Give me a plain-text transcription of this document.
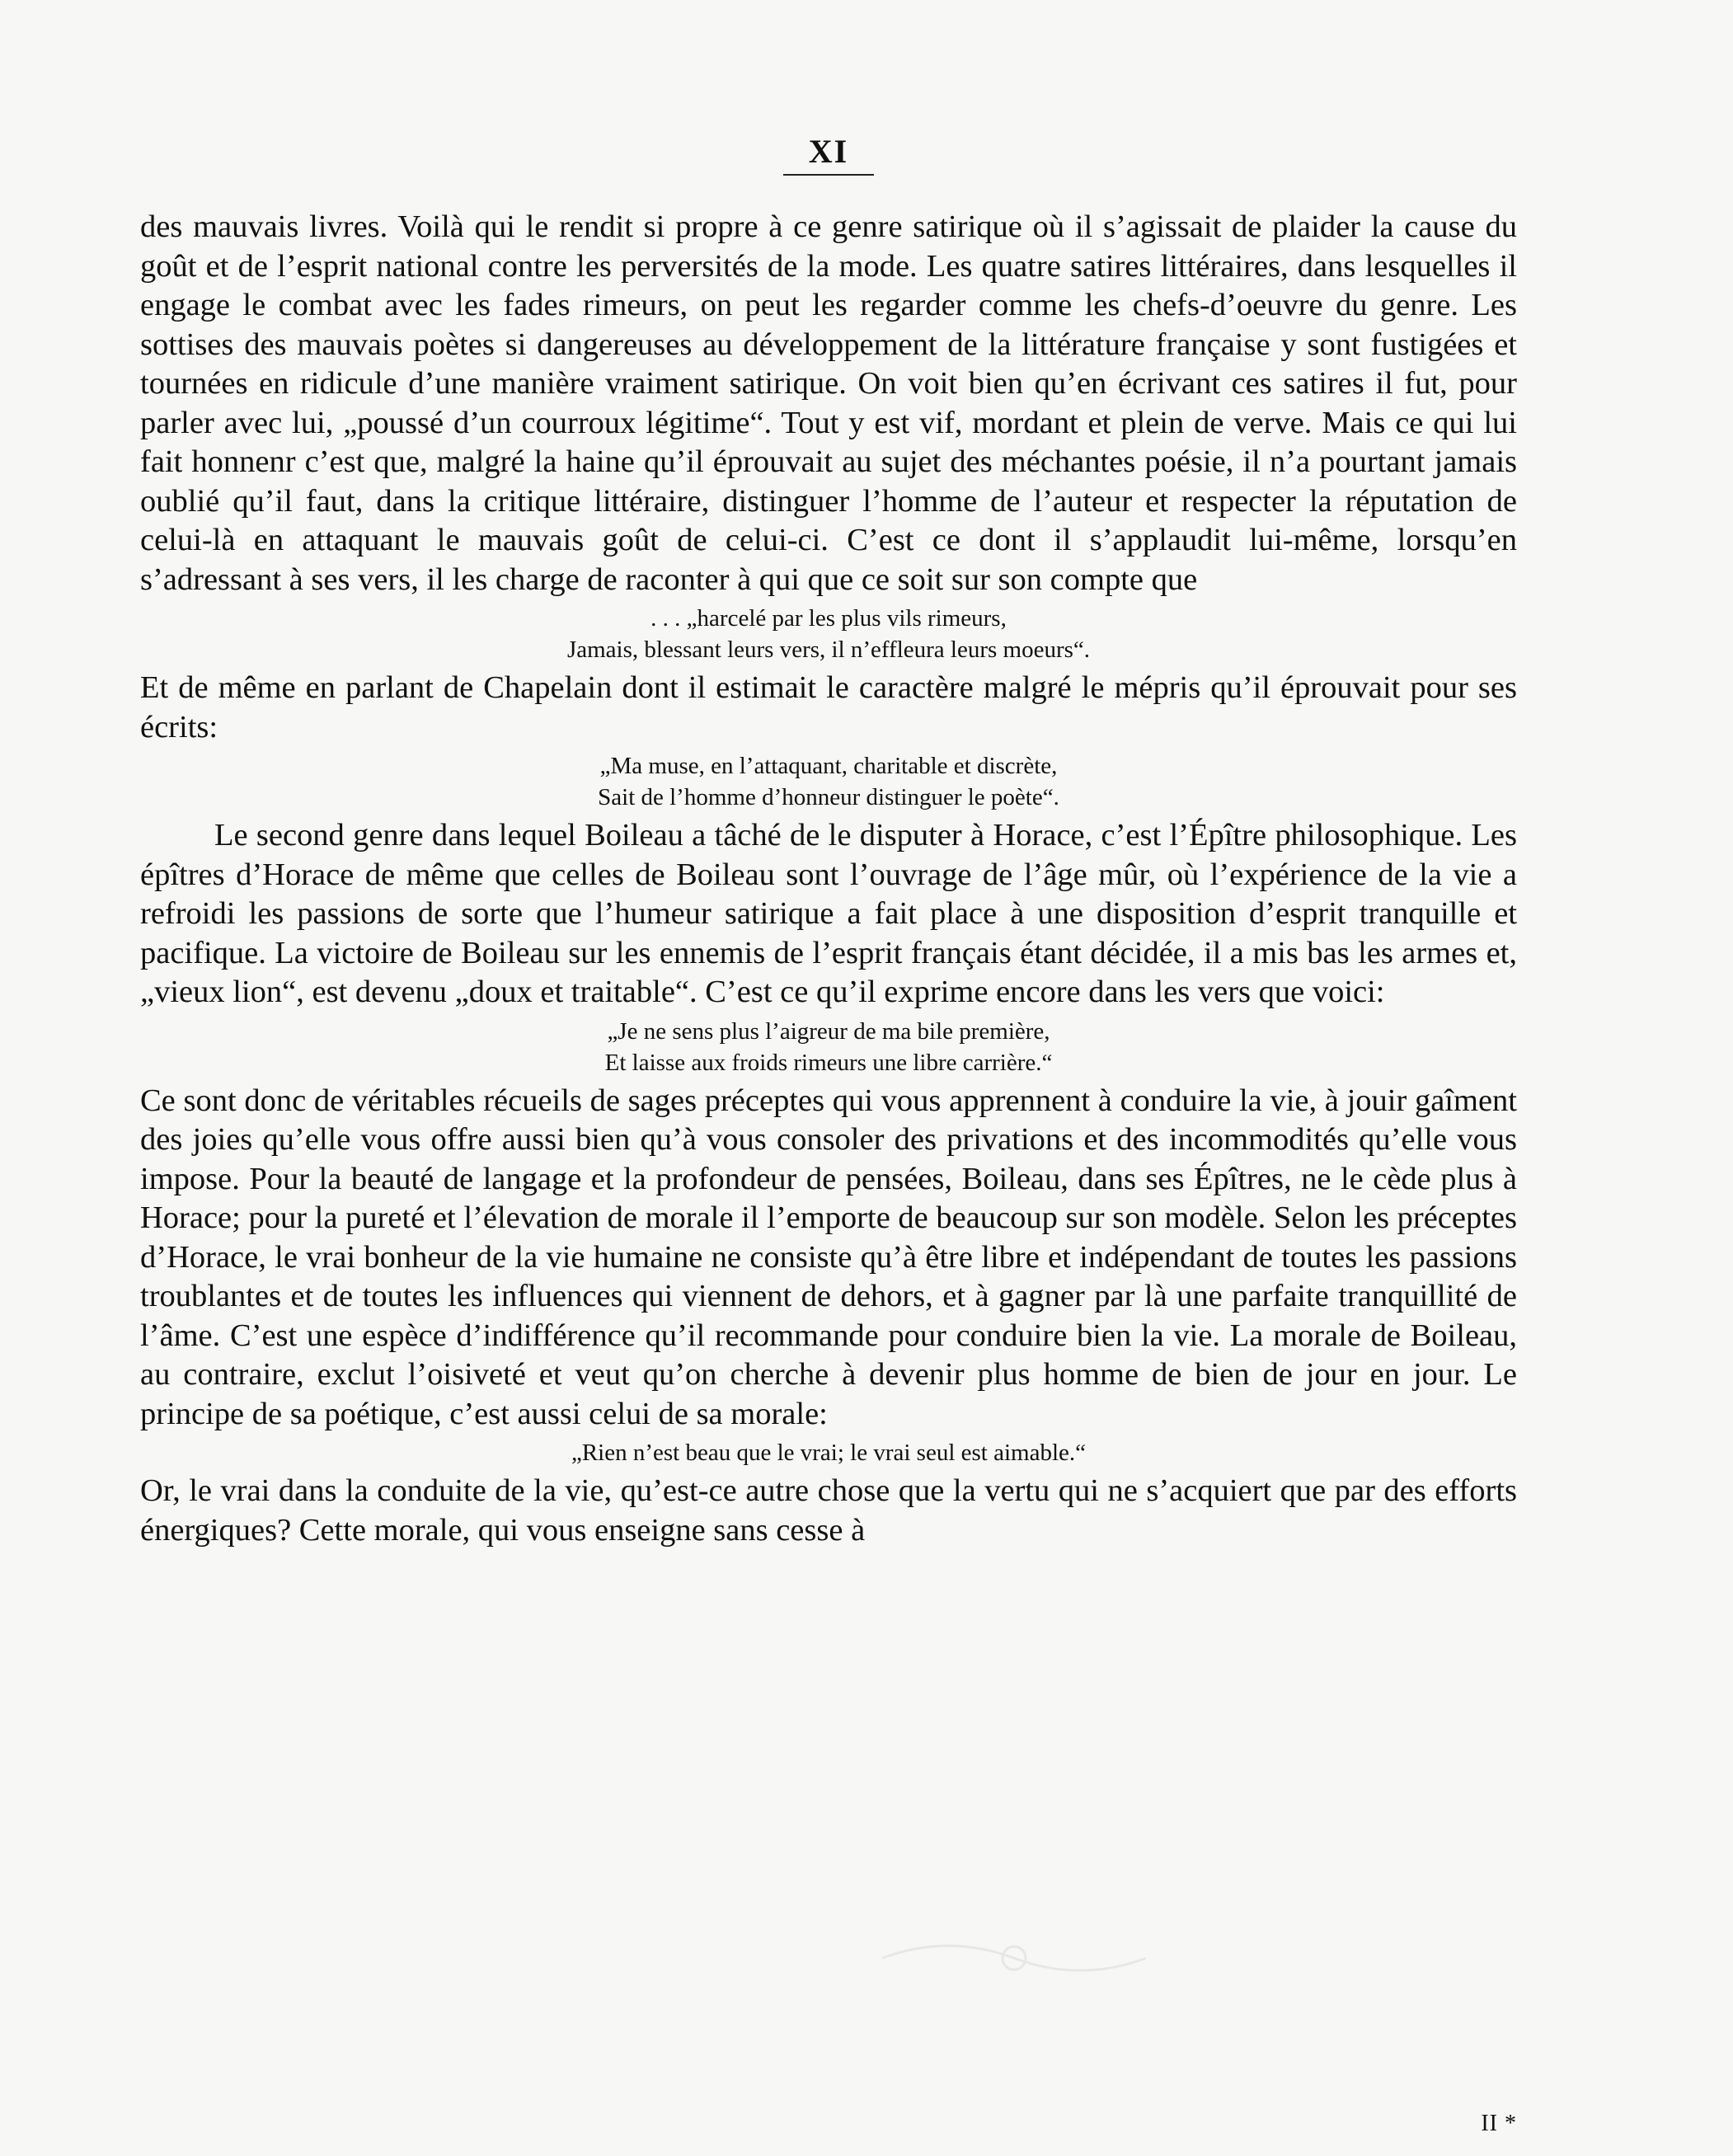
XI

des mauvais livres. Voilà qui le rendit si propre à ce genre satirique où il s’agissait de plaider la cause du goût et de l’esprit national contre les perversités de la mode. Les quatre satires littéraires, dans lesquelles il engage le combat avec les fades rimeurs, on peut les regarder comme les chefs-d’oeuvre du genre. Les sottises des mauvais poètes si dangereuses au développement de la littérature française y sont fustigées et tournées en ridicule d’une manière vraiment satirique. On voit bien qu’en écrivant ces satires il fut, pour parler avec lui, „poussé d’un courroux légitime“. Tout y est vif, mordant et plein de verve. Mais ce qui lui fait honnenr c’est que, malgré la haine qu’il éprouvait au sujet des méchantes poésie, il n’a pourtant jamais oublié qu’il faut, dans la critique littéraire, distinguer l’homme de l’auteur et respecter la réputation de celui-là en attaquant le mauvais goût de celui-ci. C’est ce dont il s’applaudit lui-même, lorsqu’en s’adressant à ses vers, il les charge de raconter à qui que ce soit sur son compte que

. . . „harcelé par les plus vils rimeurs,
Jamais, blessant leurs vers, il n’effleura leurs moeurs“.

Et de même en parlant de Chapelain dont il estimait le caractère malgré le mépris qu’il éprouvait pour ses écrits:

„Ma muse, en l’attaquant, charitable et discrète,
Sait de l’homme d’honneur distinguer le poète“.

Le second genre dans lequel Boileau a tâché de le disputer à Horace, c’est l’Épître philosophique. Les épîtres d’Horace de même que celles de Boileau sont l’ouvrage de l’âge mûr, où l’expérience de la vie a refroidi les passions de sorte que l’humeur satirique a fait place à une disposition d’esprit tranquille et pacifique. La victoire de Boileau sur les ennemis de l’esprit français étant décidée, il a mis bas les armes et, „vieux lion“, est devenu „doux et traitable“. C’est ce qu’il exprime encore dans les vers que voici:

„Je ne sens plus l’aigreur de ma bile première,
Et laisse aux froids rimeurs une libre carrière.“

Ce sont donc de véritables récueils de sages préceptes qui vous apprennent à conduire la vie, à jouir gaîment des joies qu’elle vous offre aussi bien qu’à vous consoler des privations et des incommodités qu’elle vous impose. Pour la beauté de langage et la profondeur de pensées, Boileau, dans ses Épîtres, ne le cède plus à Horace; pour la pureté et l’élevation de morale il l’emporte de beaucoup sur son modèle. Selon les préceptes d’Horace, le vrai bonheur de la vie humaine ne consiste qu’à être libre et indépendant de toutes les passions troublantes et de toutes les influences qui viennent de dehors, et à gagner par là une parfaite tranquillité de l’âme. C’est une espèce d’indifférence qu’il recommande pour conduire bien la vie. La morale de Boileau, au contraire, exclut l’oisiveté et veut qu’on cherche à devenir plus homme de bien de jour en jour. Le principe de sa poétique, c’est aussi celui de sa morale:

„Rien n’est beau que le vrai; le vrai seul est aimable.“

Or, le vrai dans la conduite de la vie, qu’est-ce autre chose que la vertu qui ne s’acquiert que par des efforts énergiques? Cette morale, qui vous enseigne sans cesse à

II *
